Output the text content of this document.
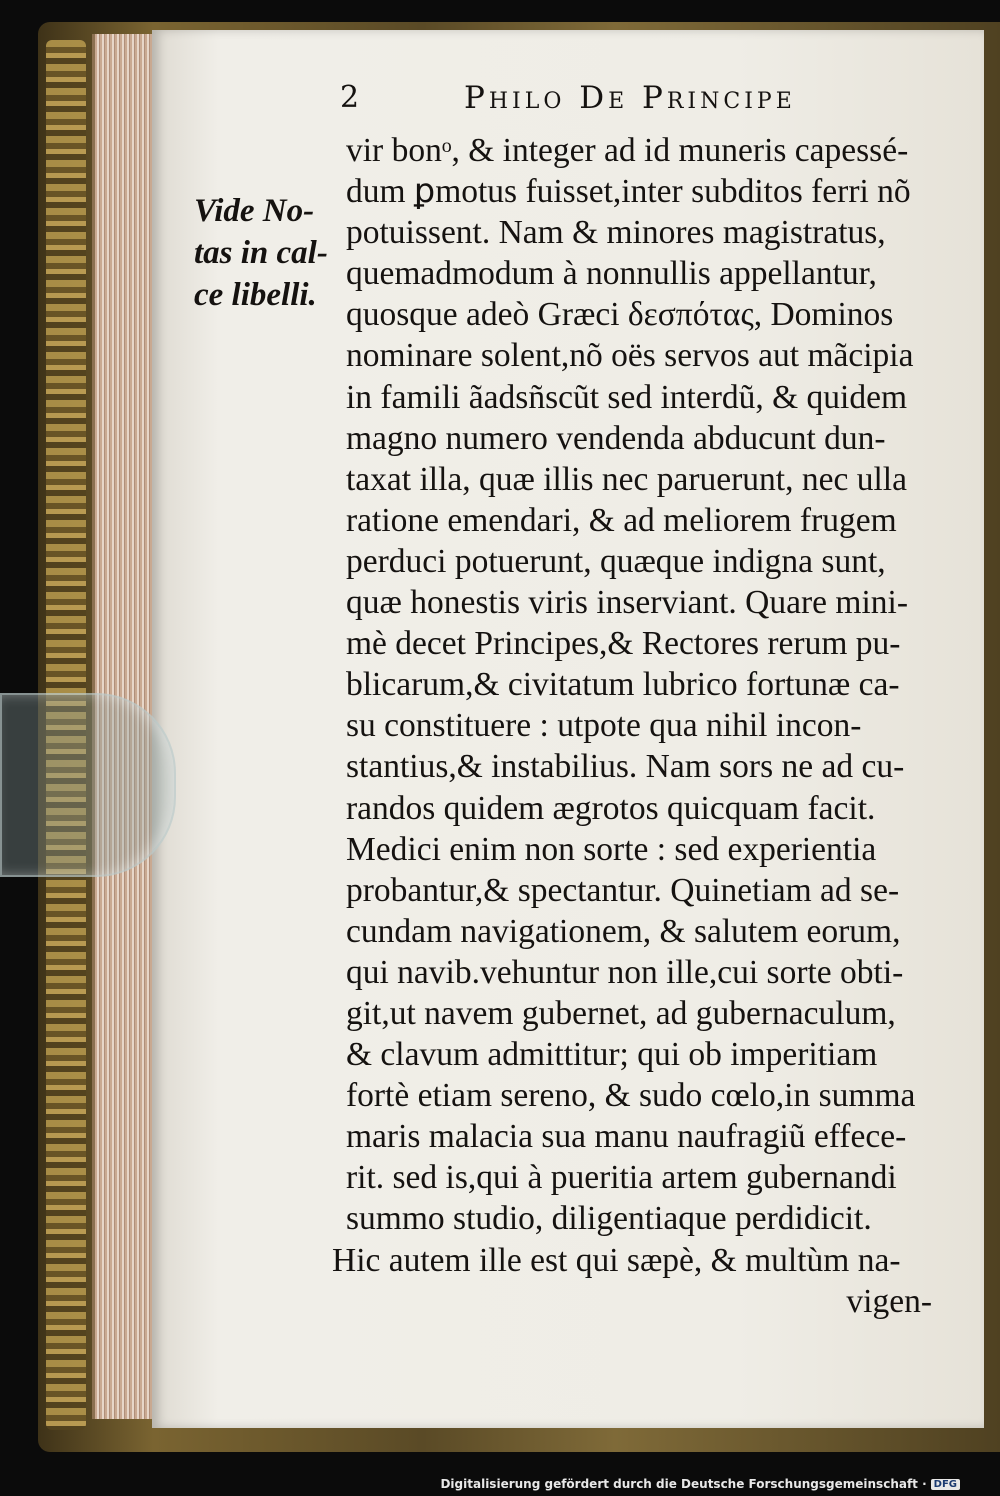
2	Philo De Principe
Vide No-
tas in cal-
ce libelli.
vir bonᵒ, & integer ad id muneris capessé-
dum ꝑmotus fuisset,inter subditos ferri nõ
potuissent. Nam & minores magistratus,
quemadmodum à nonnullis appellantur,
quosque adeò Græci δεσπότας, Dominos
nominare solent,nõ oës servos aut mãcipia
in famili ãadsñscũt sed interdũ, & quidem
magno numero vendenda abducunt dun-
taxat illa, quæ illis nec paruerunt, nec ulla
ratione emendari, & ad meliorem frugem
perduci potuerunt, quæque indigna sunt,
quæ honestis viris inserviant. Quare mini-
mè decet Principes,& Rectores rerum pu-
blicarum,& civitatum lubrico fortunæ ca-
su constituere : utpote qua nihil incon-
stantius,& instabilius. Nam sors ne ad cu-
randos quidem ægrotos quicquam facit.
Medici enim non sorte : sed experientia
probantur,& spectantur. Quinetiam ad se-
cundam navigationem, & salutem eorum,
qui navib.vehuntur non ille,cui sorte obti-
git,ut navem gubernet, ad gubernaculum,
& clavum admittitur; qui ob imperitiam
fortè etiam sereno, & sudo cœlo,in summa
maris malacia sua manu naufragiũ effece-
rit. sed is,qui à pueritia artem gubernandi
summo studio, diligentiaque perdidicit.
Hic autem ille est qui sæpè, & multùm na-
vigen-
Digitalisierung gefördert durch die Deutsche Forschungsgemeinschaft · DFG
